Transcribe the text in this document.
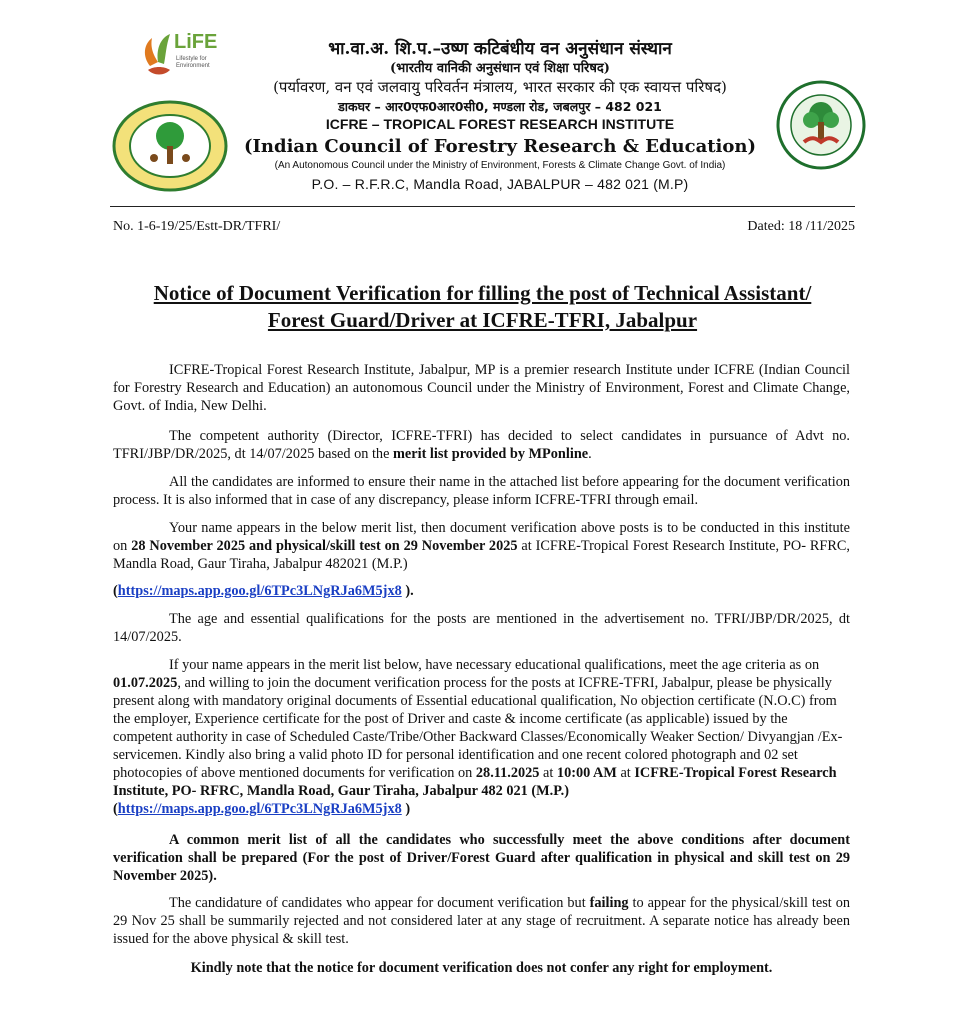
LiFE
Lifestyle for
Environment
भा.वा.अ. शि.प.–उष्ण कटिबंधीय वन अनुसंधान संस्थान
(भारतीय वानिकी अनुसंधान एवं शिक्षा परिषद)
(पर्यावरण, वन एवं जलवायु परिवर्तन मंत्रालय, भारत सरकार की एक स्वायत्त परिषद)
डाकघर – आर0एफ0आर0सी0, मण्डला रोड, जबलपुर – 482 021
ICFRE – TROPICAL FOREST RESEARCH INSTITUTE
(Indian Council of Forestry Research & Education)
(An Autonomous Council under the Ministry of Environment, Forests & Climate Change Govt. of India)
P.O. – R.F.R.C, Mandla Road, JABALPUR – 482 021 (M.P)
No. 1-6-19/25/Estt-DR/TFRI/	Dated: 18 /11/2025
Notice of Document Verification for filling the post of Technical Assistant/
Forest Guard/Driver at ICFRE-TFRI, Jabalpur

ICFRE-Tropical Forest Research Institute, Jabalpur, MP is a premier research Institute under ICFRE (Indian Council for Forestry Research and Education) an autonomous Council under the Ministry of Environment, Forest and Climate Change, Govt. of India, New Delhi.

The competent authority (Director, ICFRE-TFRI) has decided to select candidates in pursuance of Advt no. TFRI/JBP/DR/2025, dt 14/07/2025 based on the merit list provided by MPonline.

All the candidates are informed to ensure their name in the attached list before appearing for the document verification process. It is also informed that in case of any discrepancy, please inform ICFRE-TFRI through email.

Your name appears in the below merit list, then document verification above posts is to be conducted in this institute on 28 November 2025 and physical/skill test on 29 November 2025 at ICFRE-Tropical Forest Research Institute, PO- RFRC, Mandla Road, Gaur Tiraha, Jabalpur 482021 (M.P.)

(https://maps.app.goo.gl/6TPc3LNgRJa6M5jx8 ).

The age and essential qualifications for the posts are mentioned in the advertisement no. TFRI/JBP/DR/2025, dt 14/07/2025.

If your name appears in the merit list below, have necessary educational qualifications, meet the age criteria as on 01.07.2025, and willing to join the document verification process for the posts at ICFRE-TFRI, Jabalpur, please be physically present along with mandatory original documents of Essential educational qualification, No objection certificate (N.O.C) from the employer, Experience certificate for the post of Driver and caste & income certificate (as applicable) issued by the competent authority in case of Scheduled Caste/Tribe/Other Backward Classes/Economically Weaker Section/ Divyangjan /Ex-servicemen. Kindly also bring a valid photo ID for personal identification and one recent colored photograph and 02 set photocopies of above mentioned documents for verification on 28.11.2025 at 10:00 AM at ICFRE-Tropical Forest Research Institute, PO- RFRC, Mandla Road, Gaur Tiraha, Jabalpur 482 021 (M.P.) (https://maps.app.goo.gl/6TPc3LNgRJa6M5jx8 )

A common merit list of all the candidates who successfully meet the above conditions after document verification shall be prepared (For the post of Driver/Forest Guard after qualification in physical and skill test on 29 November 2025).

The candidature of candidates who appear for document verification but failing to appear for the physical/skill test on 29 Nov 25 shall be summarily rejected and not considered later at any stage of recruitment. A separate notice has already been issued for the above physical & skill test.

Kindly note that the notice for document verification does not confer any right for employment.
